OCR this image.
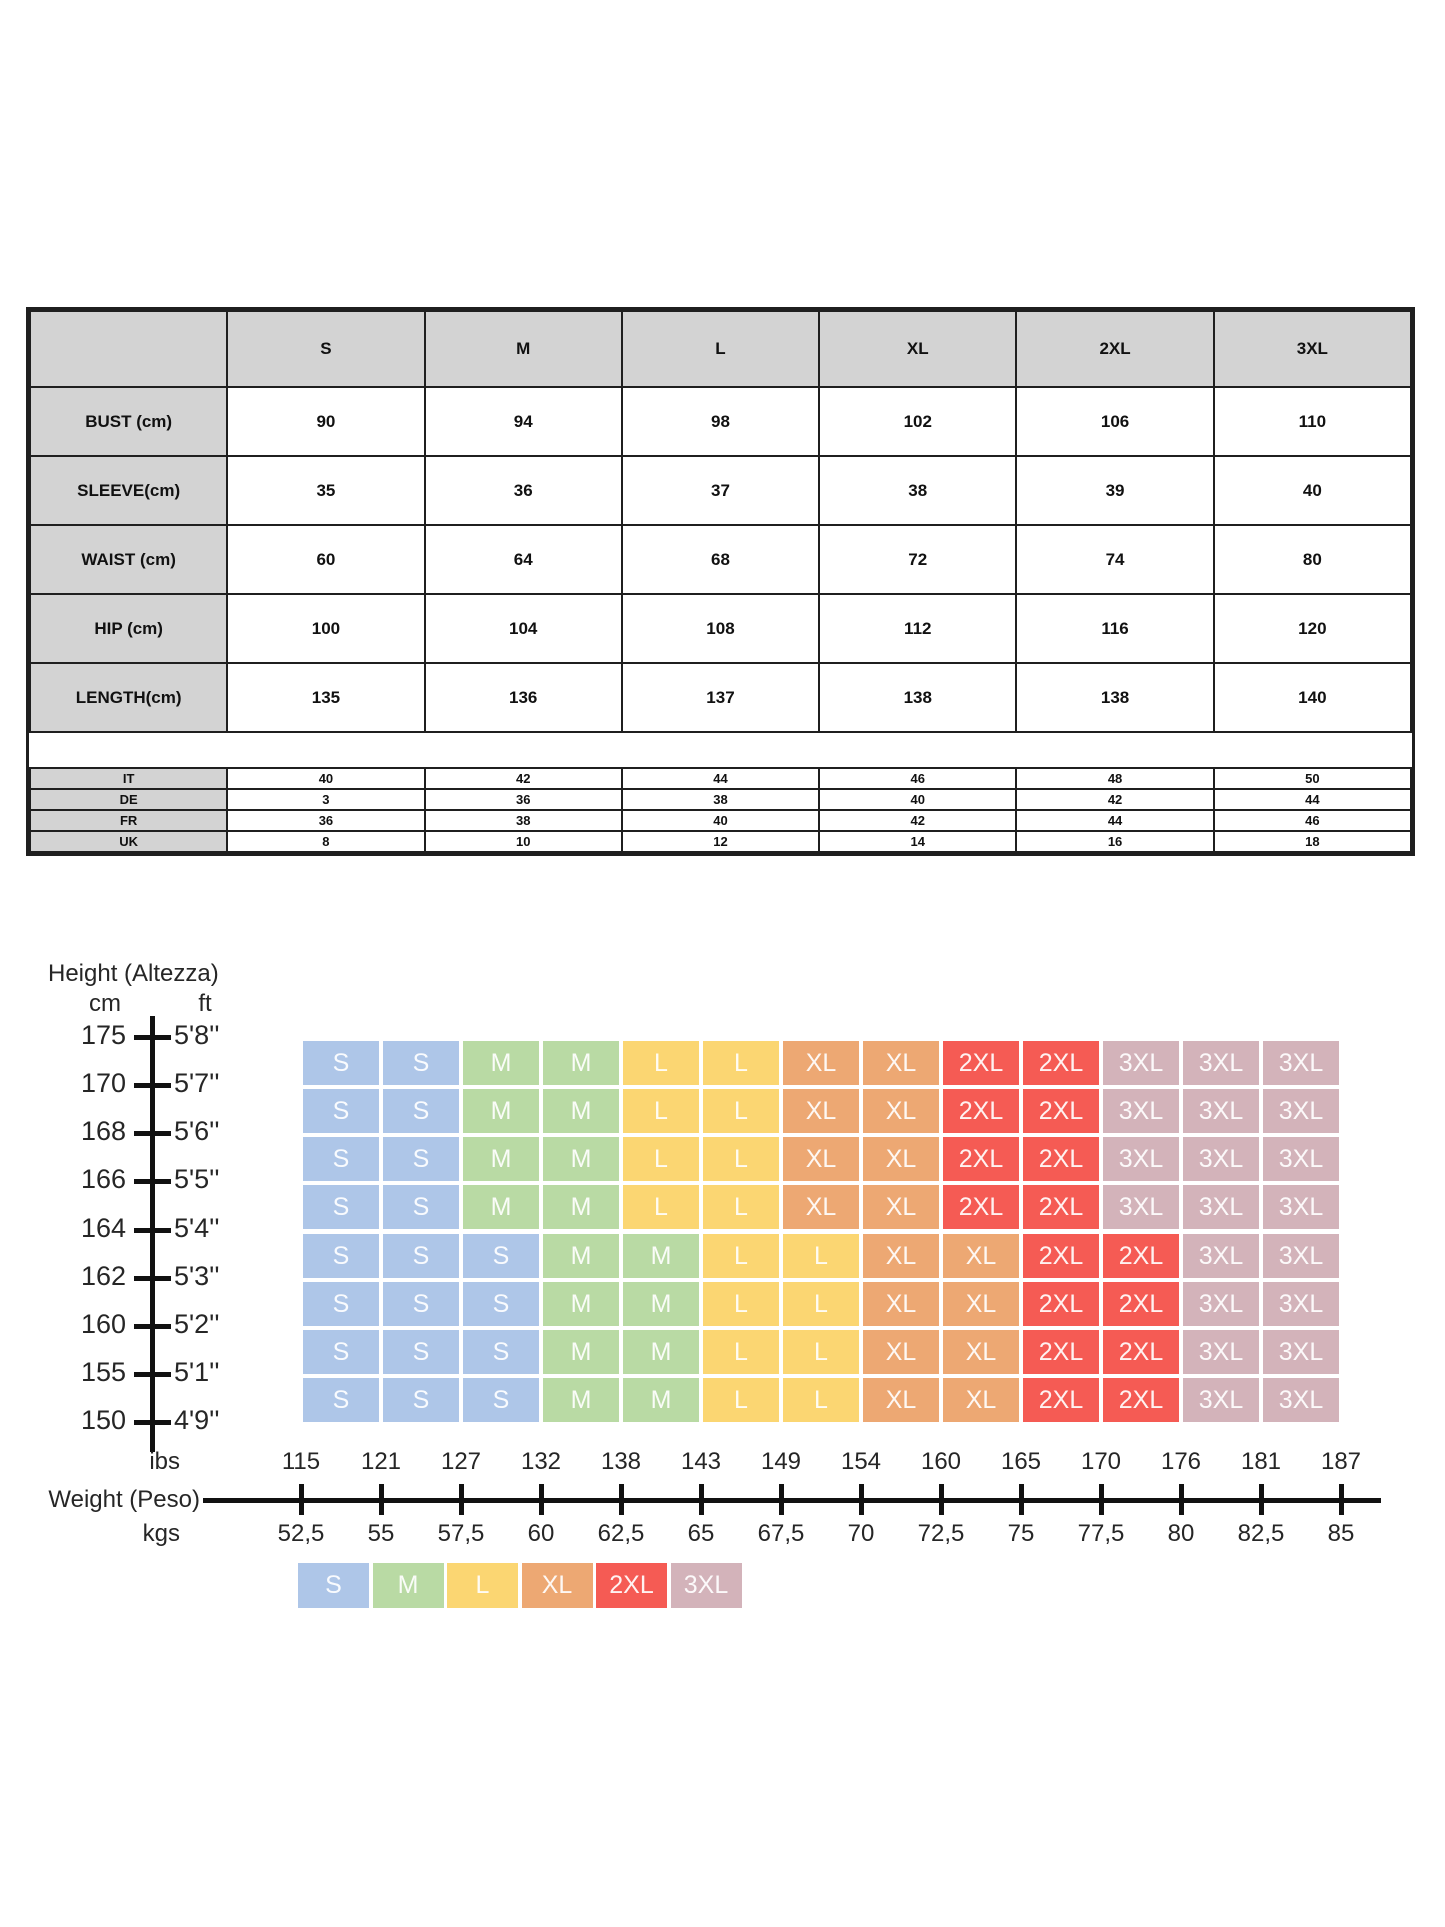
	S	M	L	XL	2XL	3XL
BUST (cm)	90	94	98	102	106	110
SLEEVE(cm)	35	36	37	38	39	40
WAIST (cm)	60	64	68	72	74	80
HIP (cm)	100	104	108	112	116	120
LENGTH(cm)	135	136	137	138	138	140
IT	40	42	44	46	48	50
DE	3	36	38	40	42	44
FR	36	38	40	42	44	46
UK	8	10	12	14	16	18
Height (Altezza)
cm	ft
ibs
Weight (Peso)
kgs
175 5'8''
170 5'7''
168 5'6''
166 5'5''
164 5'4''
162 5'3''
160 5'2''
155 5'1''
150 4'9''
S	S	M	M	L	L	XL	XL	2XL	2XL	3XL	3XL	3XL
S	S	M	M	L	L	XL	XL	2XL	2XL	3XL	3XL	3XL
S	S	M	M	L	L	XL	XL	2XL	2XL	3XL	3XL	3XL
S	S	M	M	L	L	XL	XL	2XL	2XL	3XL	3XL	3XL
S	S	S	M	M	L	L	XL	XL	2XL	2XL	3XL	3XL
S	S	S	M	M	L	L	XL	XL	2XL	2XL	3XL	3XL
S	S	S	M	M	L	L	XL	XL	2XL	2XL	3XL	3XL
S	S	S	M	M	L	L	XL	XL	2XL	2XL	3XL	3XL
115
52,5
121
55
127
57,5
132
60
138
62,5
143
65
149
67,5
154
70
160
72,5
165
75
170
77,5
176
80
181
82,5
187
85
S	M	L	XL	2XL	3XL
